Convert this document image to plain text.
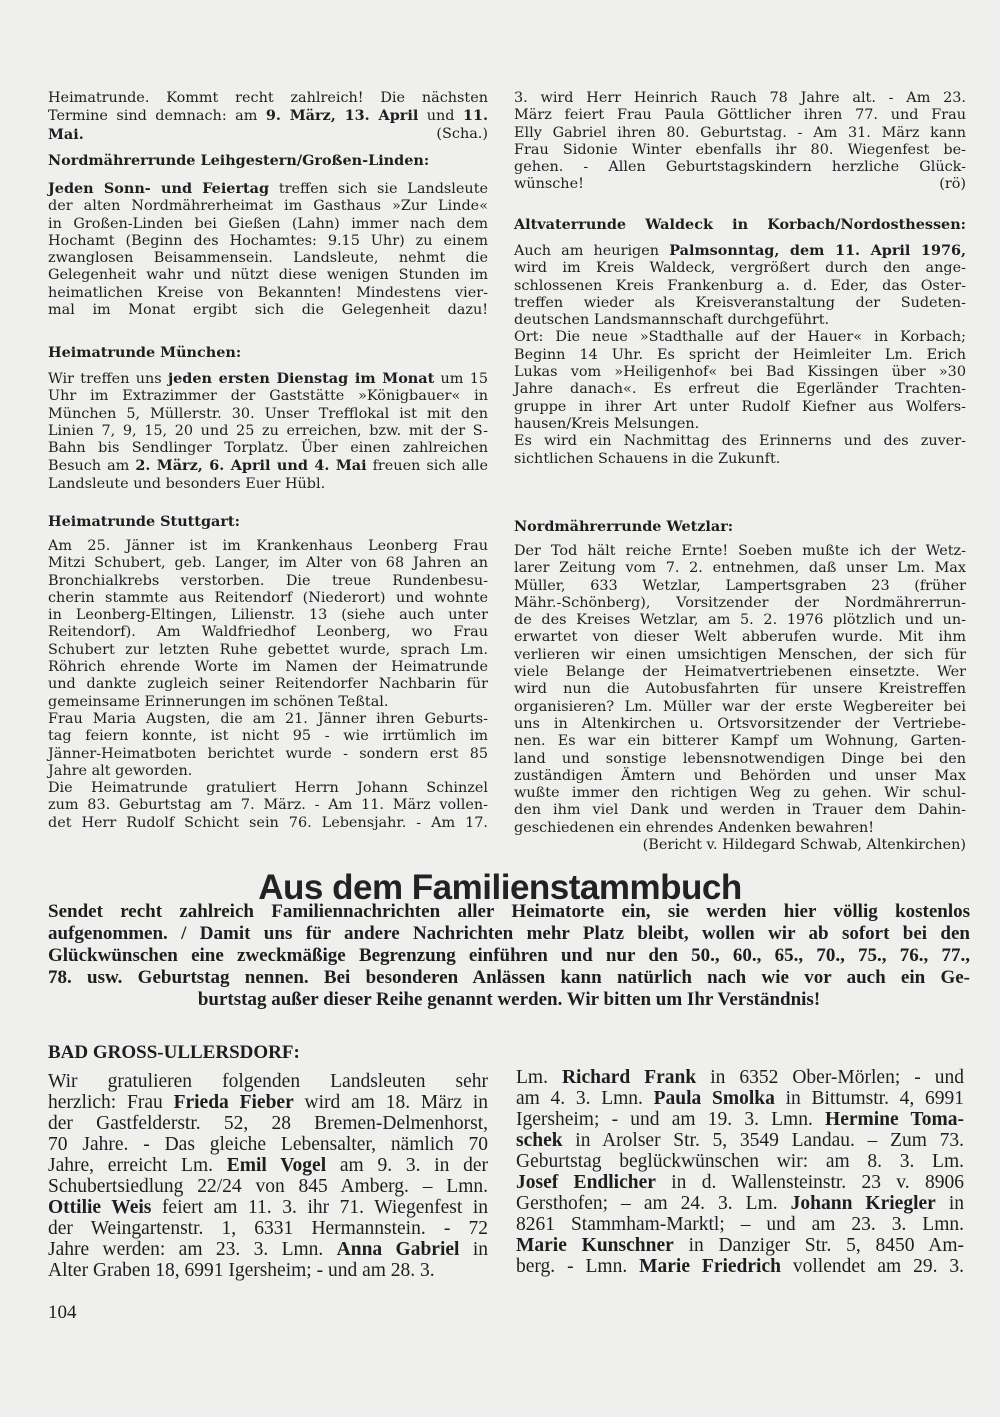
Heimatrunde. Kommt recht zahlreich! Die nächsten
Termine sind demnach: am 9. März, 13. April und 11.
(Scha.)
Mai.
Nordmährerrunde Leihgestern/Großen-Linden:
Jeden Sonn- und Feiertag treffen sich sie Landsleute
der alten Nordmährerheimat im Gasthaus »Zur Linde«
in Großen-Linden bei Gießen (Lahn) immer nach dem
Hochamt (Beginn des Hochamtes: 9.15 Uhr) zu einem
zwanglosen Beisammensein. Landsleute, nehmt die
Gelegenheit wahr und nützt diese wenigen Stunden im
heimatlichen Kreise von Bekannten! Mindestens vier-
mal im Monat ergibt sich die Gelegenheit dazu!
Heimatrunde München:
Wir treffen uns jeden ersten Dienstag im Monat um 15
Uhr im Extrazimmer der Gaststätte »Königbauer« in
München 5, Müllerstr. 30. Unser Trefflokal ist mit den
Linien 7, 9, 15, 20 und 25 zu erreichen, bzw. mit der S-
Bahn bis Sendlinger Torplatz. Über einen zahlreichen
Besuch am 2. März, 6. April und 4. Mai freuen sich alle
Landsleute und besonders Euer Hübl.
Heimatrunde Stuttgart:
Am 25. Jänner ist im Krankenhaus Leonberg Frau
Mitzi Schubert, geb. Langer, im Alter von 68 Jahren an
Bronchialkrebs verstorben. Die treue Rundenbesu-
cherin stammte aus Reitendorf (Niederort) und wohnte
in Leonberg-Eltingen, Lilienstr. 13 (siehe auch unter
Reitendorf). Am Waldfriedhof Leonberg, wo Frau
Schubert zur letzten Ruhe gebettet wurde, sprach Lm.
Röhrich ehrende Worte im Namen der Heimatrunde
und dankte zugleich seiner Reitendorfer Nachbarin für
gemeinsame Erinnerungen im schönen Teßtal.
Frau Maria Augsten, die am 21. Jänner ihren Geburts-
tag feiern konnte, ist nicht 95 - wie irrtümlich im
Jänner-Heimatboten berichtet wurde - sondern erst 85
Jahre alt geworden.
Die Heimatrunde gratuliert Herrn Johann Schinzel
zum 83. Geburtstag am 7. März. - Am 11. März vollen-
det Herr Rudolf Schicht sein 76. Lebensjahr. - Am 17.
3. wird Herr Heinrich Rauch 78 Jahre alt. - Am 23.
März feiert Frau Paula Göttlicher ihren 77. und Frau
Elly Gabriel ihren 80. Geburtstag. - Am 31. März kann
Frau Sidonie Winter ebenfalls ihr 80. Wiegenfest be-
gehen. - Allen Geburtstagskindern herzliche Glück-
(rö)
wünsche!
Altvaterrunde Waldeck in Korbach/Nordosthessen:
Auch am heurigen Palmsonntag, dem 11. April 1976,
wird im Kreis Waldeck, vergrößert durch den ange-
schlossenen Kreis Frankenburg a. d. Eder, das Oster-
treffen wieder als Kreisveranstaltung der Sudeten-
deutschen Landsmannschaft durchgeführt.
Ort: Die neue »Stadthalle auf der Hauer« in Korbach;
Beginn 14 Uhr. Es spricht der Heimleiter Lm. Erich
Lukas vom »Heiligenhof« bei Bad Kissingen über »30
Jahre danach«. Es erfreut die Egerländer Trachten-
gruppe in ihrer Art unter Rudolf Kiefner aus Wolfers-
hausen/Kreis Melsungen.
Es wird ein Nachmittag des Erinnerns und des zuver-
sichtlichen Schauens in die Zukunft.
Nordmährerrunde Wetzlar:
Der Tod hält reiche Ernte! Soeben mußte ich der Wetz-
larer Zeitung vom 7. 2. entnehmen, daß unser Lm. Max
Müller, 633 Wetzlar, Lampertsgraben 23 (früher
Mähr.-Schönberg), Vorsitzender der Nordmährerrun-
de des Kreises Wetzlar, am 5. 2. 1976 plötzlich und un-
erwartet von dieser Welt abberufen wurde. Mit ihm
verlieren wir einen umsichtigen Menschen, der sich für
viele Belange der Heimatvertriebenen einsetzte. Wer
wird nun die Autobusfahrten für unsere Kreistreffen
organisieren? Lm. Müller war der erste Wegbereiter bei
uns in Altenkirchen u. Ortsvorsitzender der Vertriebe-
nen. Es war ein bitterer Kampf um Wohnung, Garten-
land und sonstige lebensnotwendigen Dinge bei den
zuständigen Ämtern und Behörden und unser Max
wußte immer den richtigen Weg zu gehen. Wir schul-
den ihm viel Dank und werden in Trauer dem Dahin-
geschiedenen ein ehrendes Andenken bewahren!
(Bericht v. Hildegard Schwab, Altenkirchen)
Aus dem Familienstammbuch
Sendet recht zahlreich Familiennachrichten aller Heimatorte ein, sie werden hier völlig kostenlos
aufgenommen. / Damit uns für andere Nachrichten mehr Platz bleibt, wollen wir ab sofort bei den
Glückwünschen eine zweckmäßige Begrenzung einführen und nur den 50., 60., 65., 70., 75., 76., 77.,
78. usw. Geburtstag nennen. Bei besonderen Anlässen kann natürlich nach wie vor auch ein Ge-
burtstag außer dieser Reihe genannt werden. Wir bitten um Ihr Verständnis!
BAD GROSS-ULLERSDORF:
Wir gratulieren folgenden Landsleuten sehr
herzlich: Frau Frieda Fieber wird am 18. März in
der Gastfelderstr. 52, 28 Bremen-Delmenhorst,
70 Jahre. - Das gleiche Lebensalter, nämlich 70
Jahre, erreicht Lm. Emil Vogel am 9. 3. in der
Schubertsiedlung 22/24 von 845 Amberg. – Lmn.
Ottilie Weis feiert am 11. 3. ihr 71. Wiegenfest in
der Weingartenstr. 1, 6331 Hermannstein. - 72
Jahre werden: am 23. 3. Lmn. Anna Gabriel in
Alter Graben 18, 6991 Igersheim; - und am 28. 3.
Lm. Richard Frank in 6352 Ober-Mörlen; - und
am 4. 3. Lmn. Paula Smolka in Bittumstr. 4, 6991
Igersheim; - und am 19. 3. Lmn. Hermine Toma-
schek in Arolser Str. 5, 3549 Landau. – Zum 73.
Geburtstag beglückwünschen wir: am 8. 3. Lm.
Josef Endlicher in d. Wallensteinstr. 23 v. 8906
Gersthofen; – am 24. 3. Lm. Johann Kriegler in
8261 Stammham-Marktl; – und am 23. 3. Lmn.
Marie Kunschner in Danziger Str. 5, 8450 Am-
berg. - Lmn. Marie Friedrich vollendet am 29. 3.
104
